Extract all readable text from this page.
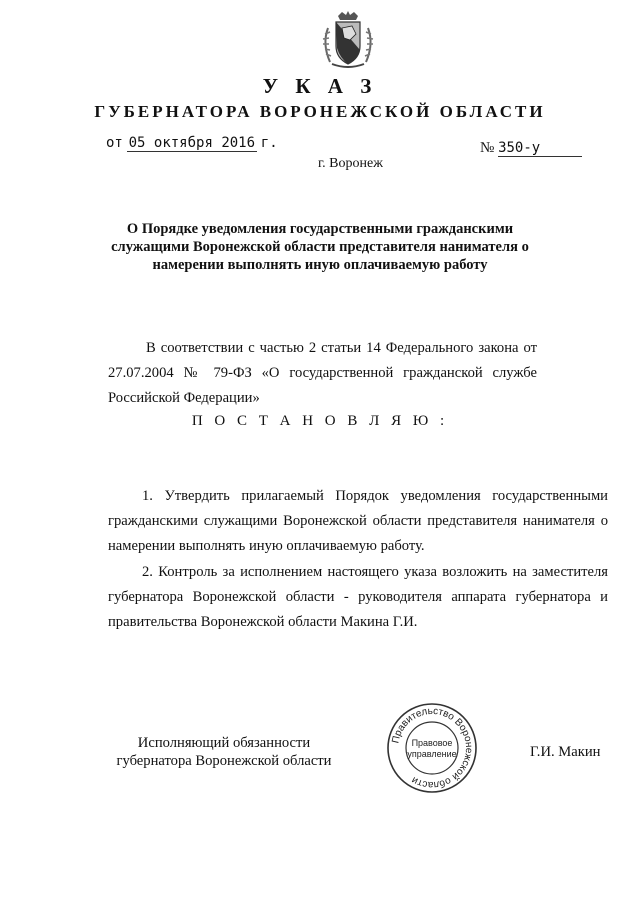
У К А З
ГУБЕРНАТОРА ВОРОНЕЖСКОЙ ОБЛАСТИ
от 05 октября 2016 г.	№ 350-у
г. Воронеж
О Порядке уведомления государственными гражданскими служащими Воронежской области представителя нанимателя о намерении выполнять иную оплачиваемую работу
В соответствии с частью 2 статьи 14 Федерального закона от 27.07.2004 № 79-ФЗ «О государственной гражданской службе Российской Федерации»
П О С Т А Н О В Л Я Ю :
1. Утвердить прилагаемый Порядок уведомления государственными гражданскими служащими Воронежской области представителя нанимателя о намерении выполнять иную оплачиваемую работу.
2. Контроль за исполнением настоящего указа возложить на заместителя губернатора Воронежской области - руководителя аппарата губернатора и правительства Воронежской области Макина Г.И.
Исполняющий обязанности
губернатора Воронежской области
Правительство Воронежской области
Правовое
управление	Г.И. Макин
